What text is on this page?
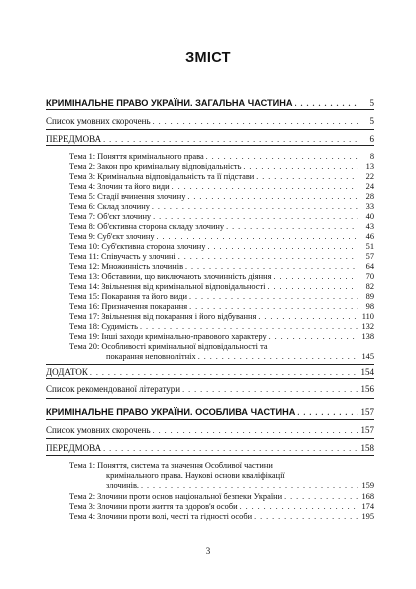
ЗМІСТ
КРИМІНАЛЬНЕ ПРАВО УКРАЇНИ. ЗАГАЛЬНА ЧАСТИНА . . .	5
Список умовних скорочень . . .	5
ПЕРЕДМОВА . . .	6
Тема 1: Поняття кримінального права . . .	8
Тема 2: Закон про кримінальну відповідальність . . .	13
Тема 3: Кримінальна відповідальність та її підстави . . .	22
Тема 4: Злочин та його види . . .	24
Тема 5: Стадії вчинення злочину . . .	28
Тема 6: Склад злочину . . .	33
Тема 7: Об'єкт злочину . . .	40
Тема 8: Об'єктивна сторона складу злочину . . .	43
Тема 9: Суб'єкт злочину . . .	46
Тема 10: Суб'єктивна сторона злочину . . .	51
Тема 11: Співучасть у злочині . . .	57
Тема 12: Множинність злочинів . . .	64
Тема 13: Обставини, що виключають злочинність діяння . . .	70
Тема 14: Звільнення від кримінальної відповідальності . . .	82
Тема 15: Покарання та його види . . .	89
Тема 16: Призначення покарання . . .	98
Тема 17: Звільнення від покарання і його відбування . . .	110
Тема 18: Судимість . . .	132
Тема 19: Інші заходи кримінально-правового характеру . . .	138
Тема 20: Особливості кримінальної відповідальності та
покарання неповнолітніх . . .	145
ДОДАТОК . . .	154
Список рекомендованої літератури . . .	156
КРИМІНАЛЬНЕ ПРАВО УКРАЇНИ. ОСОБЛИВА ЧАСТИНА . . .	157
Список умовних скорочень . . .	157
ПЕРЕДМОВА . . .	158
Тема 1: Поняття, система та значення Особливої частини
кримінального права. Наукові основи кваліфікації
злочинів. . . .	159
Тема 2: Злочини проти основ національної безпеки України . . .	168
Тема 3: Злочини проти життя та здоров'я особи . . .	174
Тема 4: Злочини проти волі, честі та гідності особи . . .	195
3
